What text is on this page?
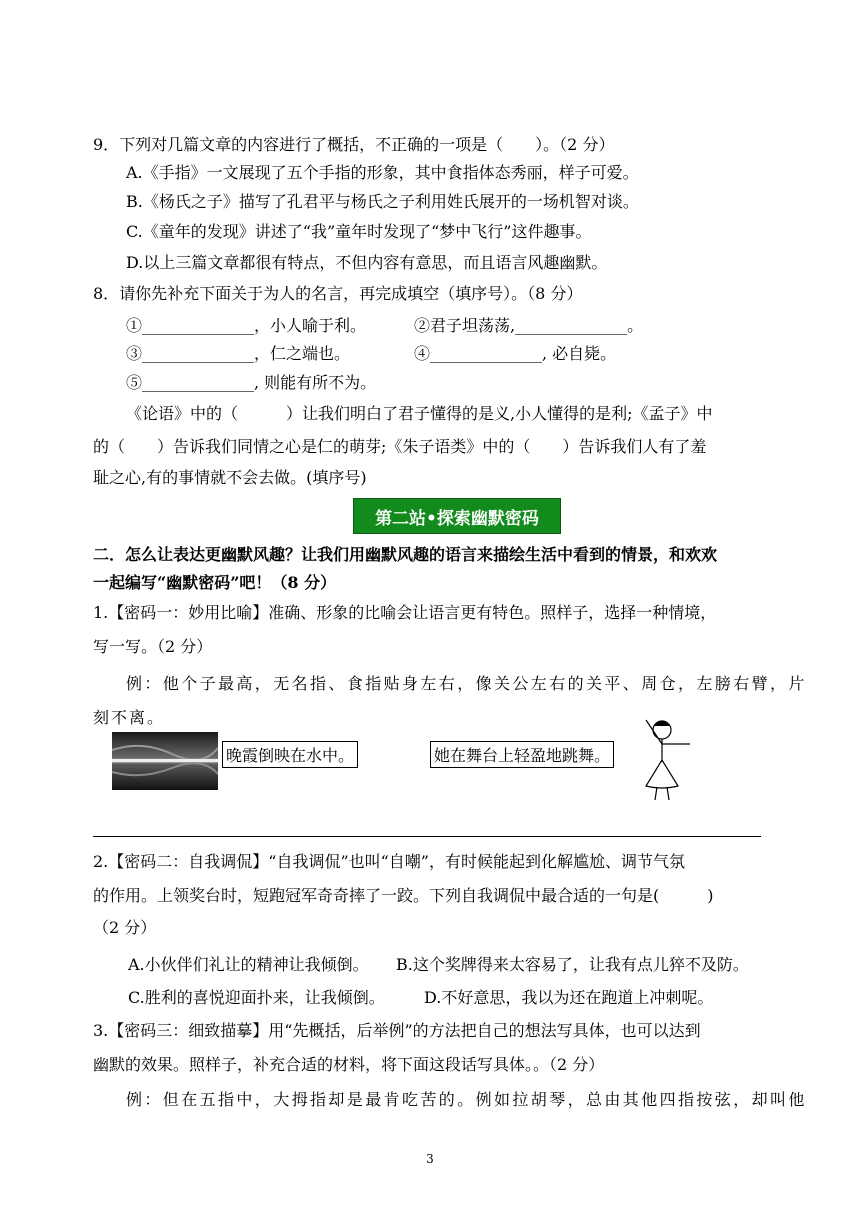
9．下列对几篇文章的内容进行了概括，不正确的一项是（　　）。（2 分）
A.《手指》一文展现了五个手指的形象，其中食指体态秀丽，样子可爱。
B.《杨氏之子》描写了孔君平与杨氏之子利用姓氏展开的一场机智对谈。
C.《童年的发现》讲述了“我”童年时发现了“梦中飞行”这件趣事。
D.以上三篇文章都很有特点，不但内容有意思，而且语言风趣幽默。
8．请你先补充下面关于为人的名言，再完成填空（填序号）。（8 分）
①______________，小人喻于利。	②君子坦荡荡,______________。
③______________，仁之端也。	④______________, 必自毙。
⑤______________, 则能有所不为。
《论语》中的（　　　）让我们明白了君子懂得的是义,小人懂得的是利;《孟子》中
的（　　）告诉我们同情之心是仁的萌芽;《朱子语类》中的（　　）告诉我们人有了羞
耻之心,有的事情就不会去做。(填序号)
第二站•探索幽默密码
二．怎么让表达更幽默风趣？让我们用幽默风趣的语言来描绘生活中看到的情景，和欢欢
一起编写“幽默密码”吧！（8 分）
1.【密码一：妙用比喻】准确、形象的比喻会让语言更有特色。照样子，选择一种情境，
写一写。（2 分）
例：他个子最高，无名指、食指贴身左右，像关公左右的关平、周仓，左膀右臂，片
刻不离。
晚霞倒映在水中。	她在舞台上轻盈地跳舞。
2.【密码二：自我调侃】“自我调侃”也叫“自嘲”，有时候能起到化解尴尬、调节气氛
的作用。上领奖台时，短跑冠军奇奇摔了一跤。下列自我调侃中最合适的一句是(　　　)
（2 分）
A.小伙伴们礼让的精神让我倾倒。 B.这个奖牌得来太容易了，让我有点儿猝不及防。
C.胜利的喜悦迎面扑来，让我倾倒。 D.不好意思，我以为还在跑道上冲刺呢。
3.【密码三：细致描摹】用“先概括，后举例”的方法把自己的想法写具体，也可以达到
幽默的效果。照样子，补充合适的材料，将下面这段话写具体。。（2 分）
例：但在五指中，大拇指却是最肯吃苦的。例如拉胡琴，总由其他四指按弦，却叫他
3
